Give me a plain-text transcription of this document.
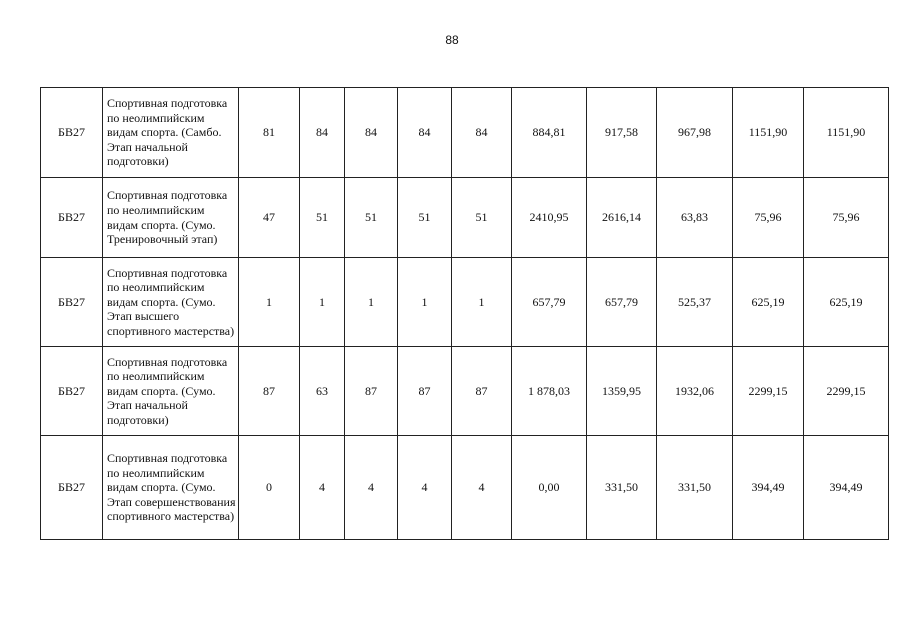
88
БВ27	Спортивная подготовка по неолимпийским видам спорта. (Самбо. Этап начальной подготовки)	81	84	84	84	84	884,81	917,58	967,98	1151,90	1151,90
БВ27	Спортивная подготовка по неолимпийским видам спорта. (Сумо. Тренировочный этап)	47	51	51	51	51	2410,95	2616,14	63,83	75,96	75,96
БВ27	Спортивная подготовка по неолимпийским видам спорта. (Сумо. Этап высшего спортивного мастерства)	1	1	1	1	1	657,79	657,79	525,37	625,19	625,19
БВ27	Спортивная подготовка по неолимпийским видам спорта. (Сумо. Этап начальной подготовки)	87	63	87	87	87	1 878,03	1359,95	1932,06	2299,15	2299,15
БВ27	Спортивная подготовка по неолимпийским видам спорта. (Сумо. Этап совершенствования спортивного мастерства)	0	4	4	4	4	0,00	331,50	331,50	394,49	394,49
